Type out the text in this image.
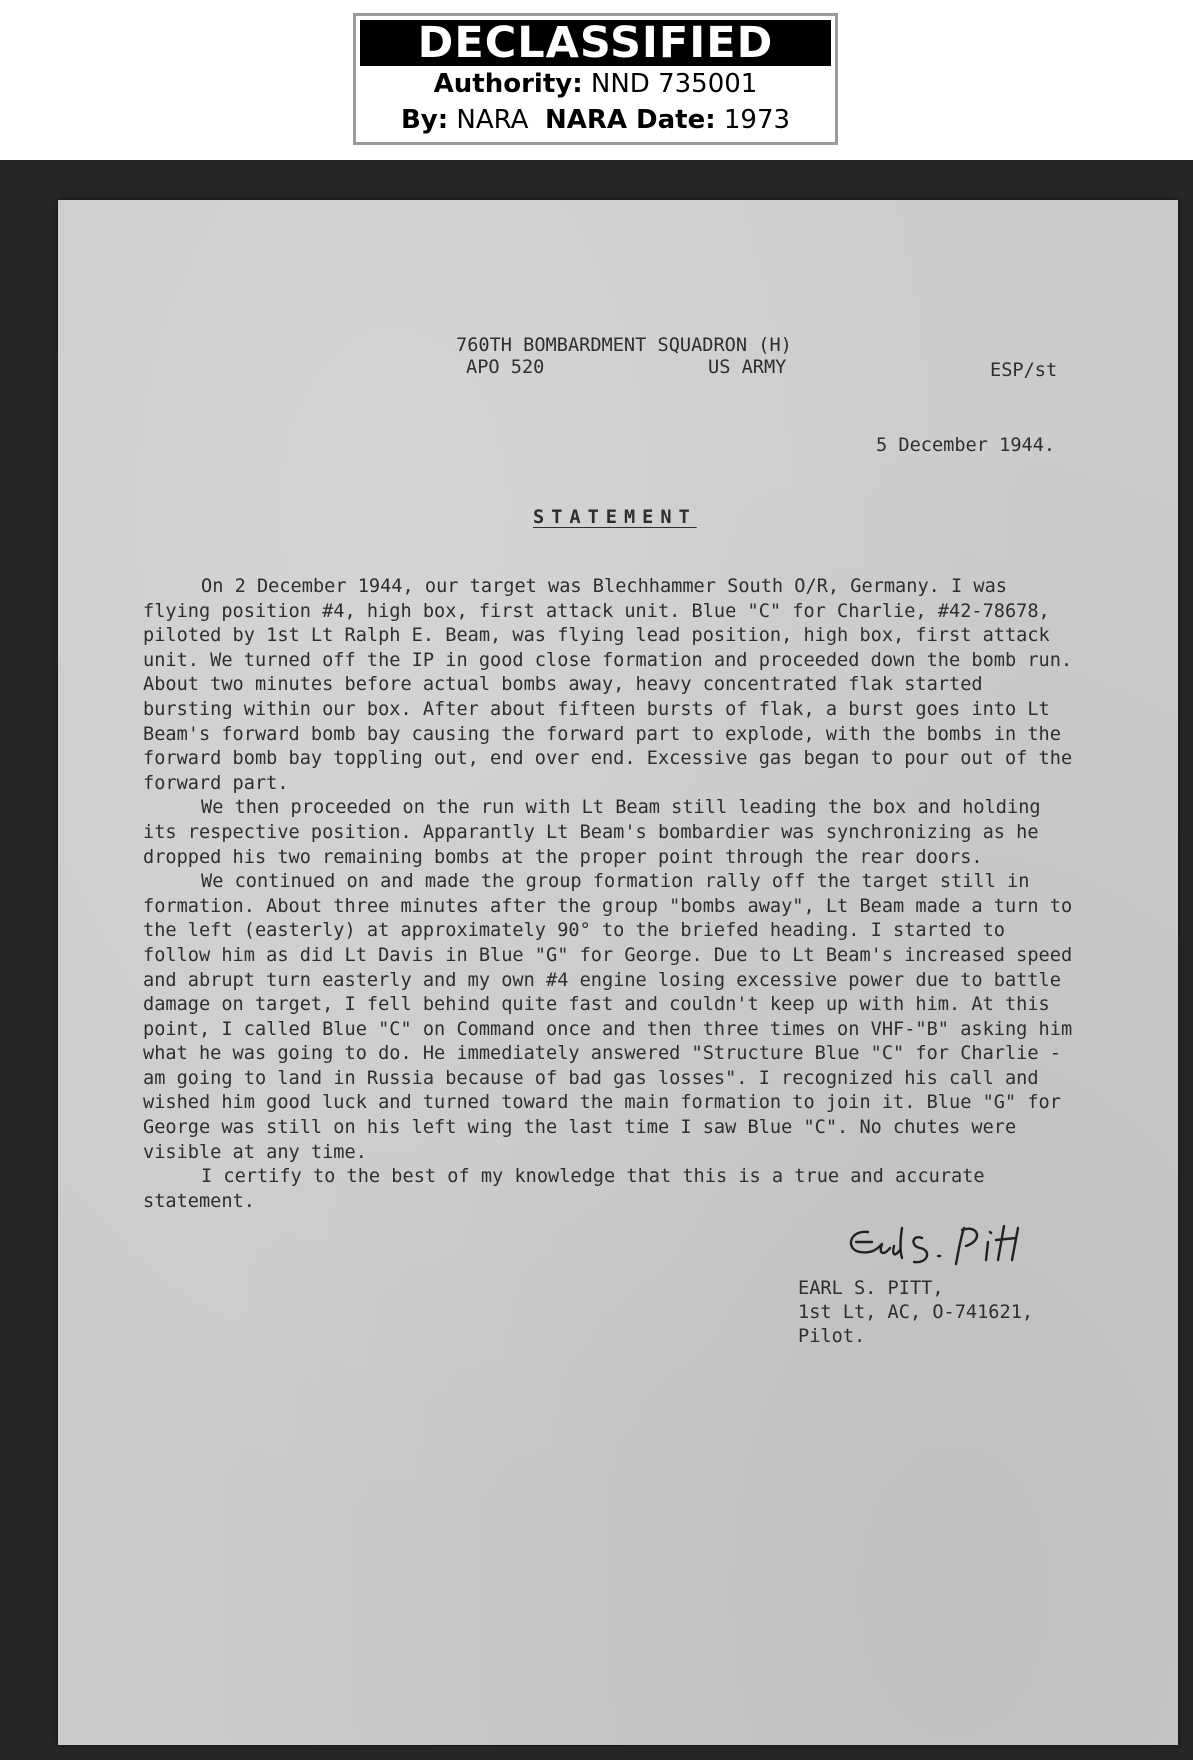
DECLASSIFIED
Authority: NND 735001
By: NARA NARA Date: 1973
760TH BOMBARDMENT SQUADRON (H)
APO 520	US ARMY	ESP/st
5 December 1944.
STATEMENT

On 2 December 1944, our target was Blechhammer South O/R, Germany. I was flying position #4, high box, first attack unit. Blue "C" for Charlie, #42-78678, piloted by 1st Lt Ralph E. Beam, was flying lead position, high box, first attack unit. We turned off the IP in good close formation and proceeded down the bomb run. About two minutes before actual bombs away, heavy concentrated flak started bursting within our box. After about fifteen bursts of flak, a burst goes into Lt Beam's forward bomb bay causing the forward part to explode, with the bombs in the forward bomb bay toppling out, end over end. Excessive gas began to pour out of the forward part.

We then proceeded on the run with Lt Beam still leading the box and holding its respective position. Apparantly Lt Beam's bombardier was synchronizing as he dropped his two remaining bombs at the proper point through the rear doors.

We continued on and made the group formation rally off the target still in formation. About three minutes after the group "bombs away", Lt Beam made a turn to the left (easterly) at approximately 90° to the briefed heading. I started to follow him as did Lt Davis in Blue "G" for George. Due to Lt Beam's increased speed and abrupt turn easterly and my own #4 engine losing excessive power due to battle damage on target, I fell behind quite fast and couldn't keep up with him. At this point, I called Blue "C" on Command once and then three times on VHF-"B" asking him what he was going to do. He immediately answered "Structure Blue "C" for Charlie - am going to land in Russia because of bad gas losses". I recognized his call and wished him good luck and turned toward the main formation to join it. Blue "G" for George was still on his left wing the last time I saw Blue "C". No chutes were visible at any time.

I certify to the best of my knowledge that this is a true and accurate statement.

EARL S. PITT,
1st Lt, AC, O-741621,
Pilot.
